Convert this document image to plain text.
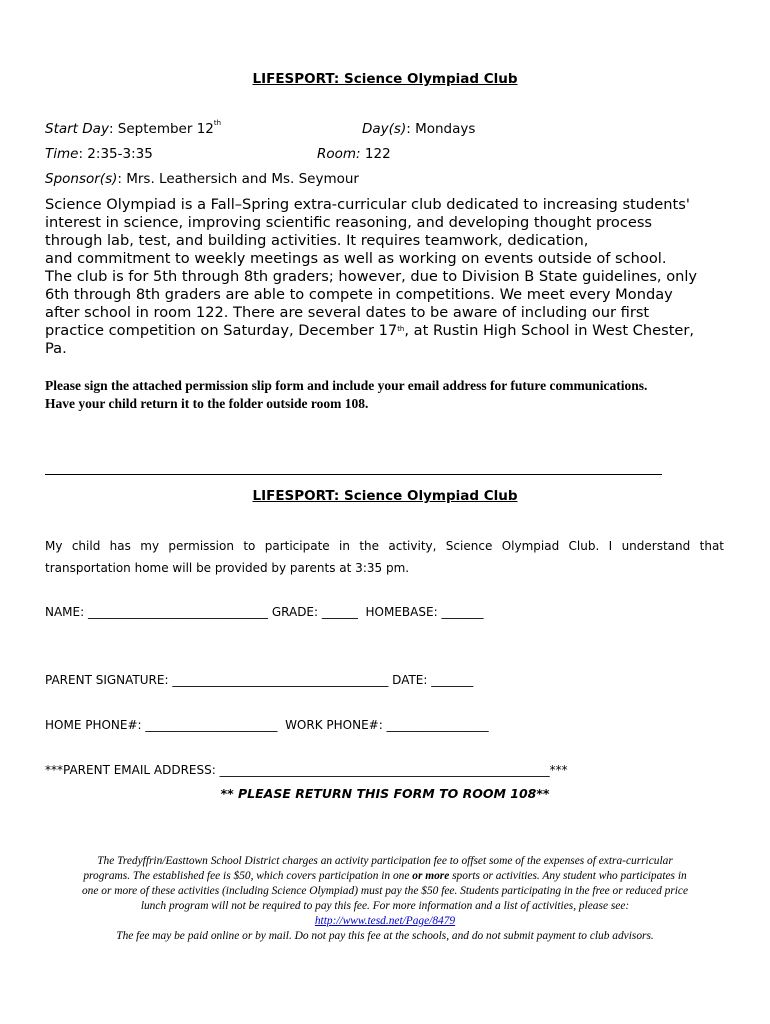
LIFESPORT: Science Olympiad Club
Start Day: September 12th	Day(s): Mondays
Time: 2:35-3:35	Room: 122
Sponsor(s): Mrs. Leathersich and Ms. Seymour
Science Olympiad is a Fall–Spring extra-curricular club dedicated to increasing students'
interest in science, improving scientific reasoning, and developing thought process
through lab, test, and building activities. It requires teamwork, dedication,
and commitment to weekly meetings as well as working on events outside of school.
The club is for 5th through 8th graders; however, due to Division B State guidelines, only
6th through 8th graders are able to compete in competitions. We meet every Monday
after school in room 122. There are several dates to be aware of including our first
practice competition on Saturday, December 17th, at Rustin High School in West Chester,
Pa.
Please sign the attached permission slip form and include your email address for future communications.
Have your child return it to the folder outside room 108.
LIFESPORT: Science Olympiad Club
My child has my permission to participate in the activity, Science Olympiad Club. I understand that
transportation home will be provided by parents at 3:35 pm.
NAME: ______________________________ GRADE: ______ HOMEBASE: _______
PARENT SIGNATURE: ____________________________________ DATE: _______
HOME PHONE#: ______________________ WORK PHONE#: _________________
***PARENT EMAIL ADDRESS: _______________________________________________________***
** PLEASE RETURN THIS FORM TO ROOM 108**
The Tredyffrin/Easttown School District charges an activity participation fee to offset some of the expenses of extra-curricular
programs. The established fee is $50, which covers participation in one or more sports or activities. Any student who participates in
one or more of these activities (including Science Olympiad) must pay the $50 fee. Students participating in the free or reduced price
lunch program will not be required to pay this fee. For more information and a list of activities, please see:
http://www.tesd.net/Page/8479
The fee may be paid online or by mail. Do not pay this fee at the schools, and do not submit payment to club advisors.
